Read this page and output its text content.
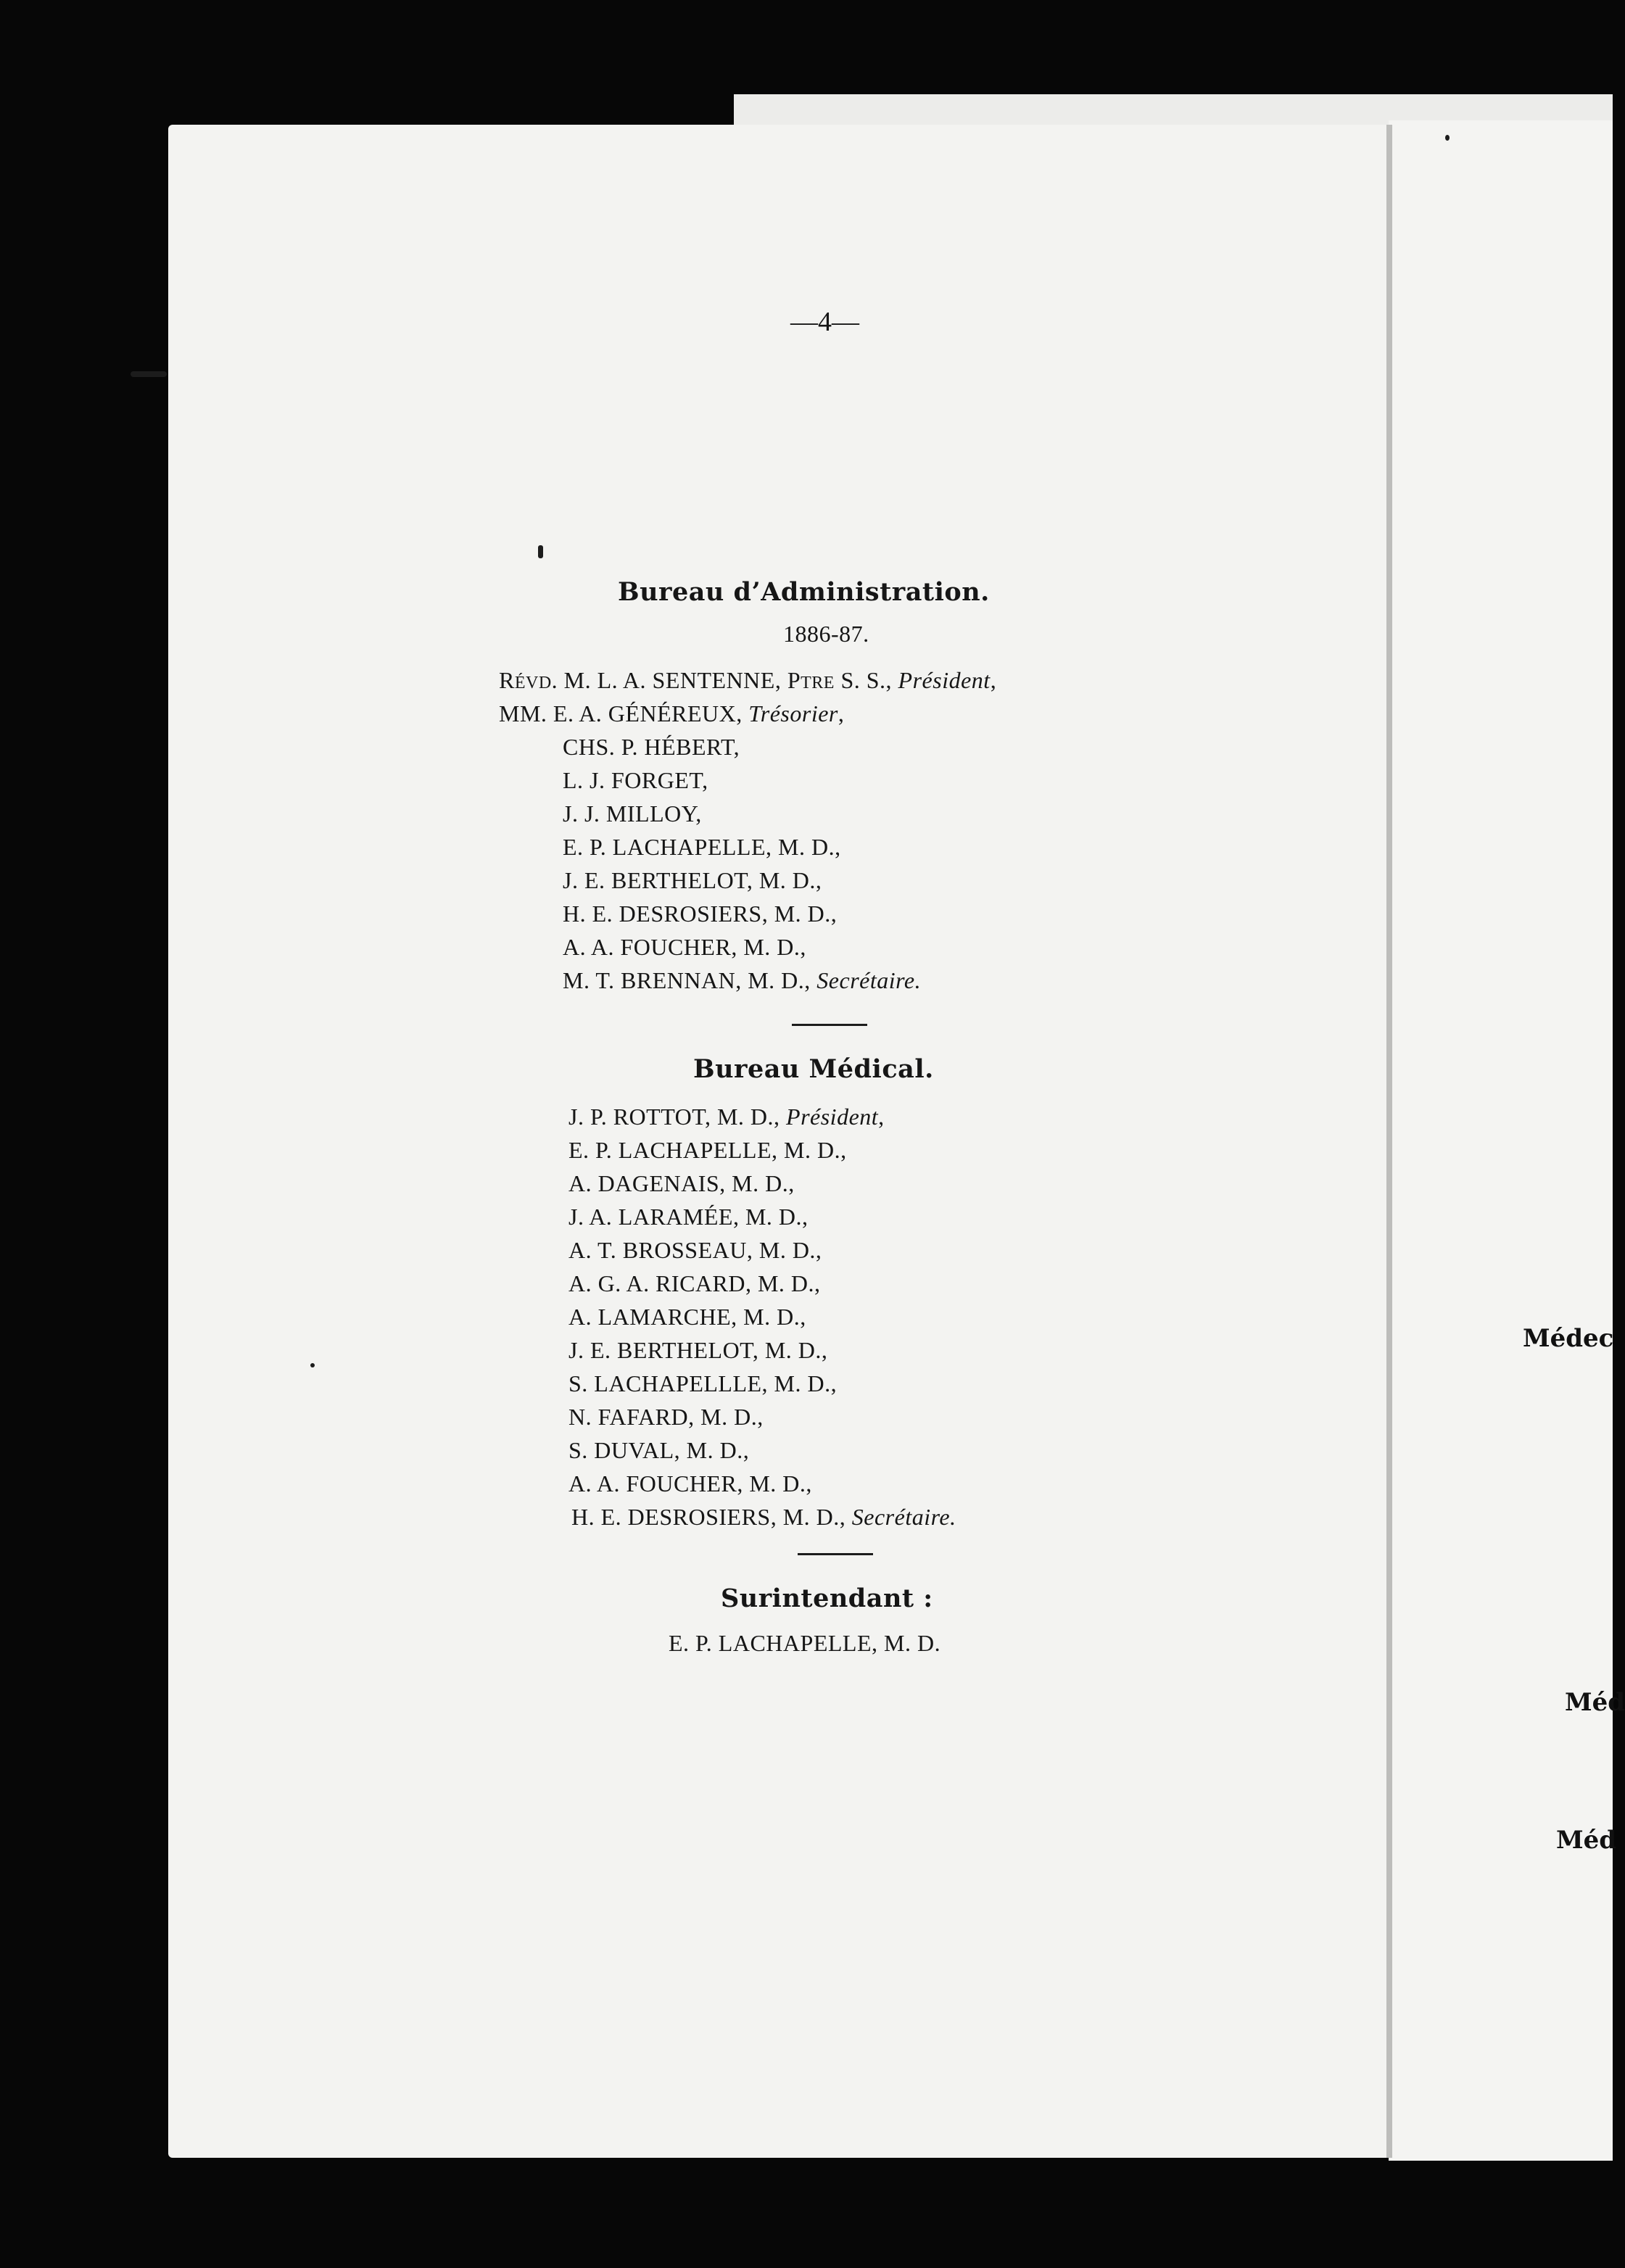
—4—
Bureau d’Administration.
1886-87.
RÉVD. M. L. A. SENTENNE, PTRE S. S., Président,
MM. E. A. GÉNÉREUX, Trésorier,
CHS. P. HÉBERT,
L. J. FORGET,
J. J. MILLOY,
E. P. LACHAPELLE, M. D.,
J. E. BERTHELOT, M. D.,
H. E. DESROSIERS, M. D.,
A. A. FOUCHER, M. D.,
M. T. BRENNAN, M. D., Secrétaire.
Bureau Médical.
J. P. ROTTOT, M. D., Président,
E. P. LACHAPELLE, M. D.,
A. DAGENAIS, M. D.,
J. A. LARAMÉE, M. D.,
A. T. BROSSEAU, M. D.,
A. G. A. RICARD, M. D.,
A. LAMARCHE, M. D.,
J. E. BERTHELOT, M. D.,
S. LACHAPELLLE, M. D.,
N. FAFARD, M. D.,
S. DUVAL, M. D.,
A. A. FOUCHER, M. D.,
H. E. DESROSIERS, M. D., Secrétaire.
Surintendant :
E. P. LACHAPELLE, M. D.
Médec
Méd
Méd
